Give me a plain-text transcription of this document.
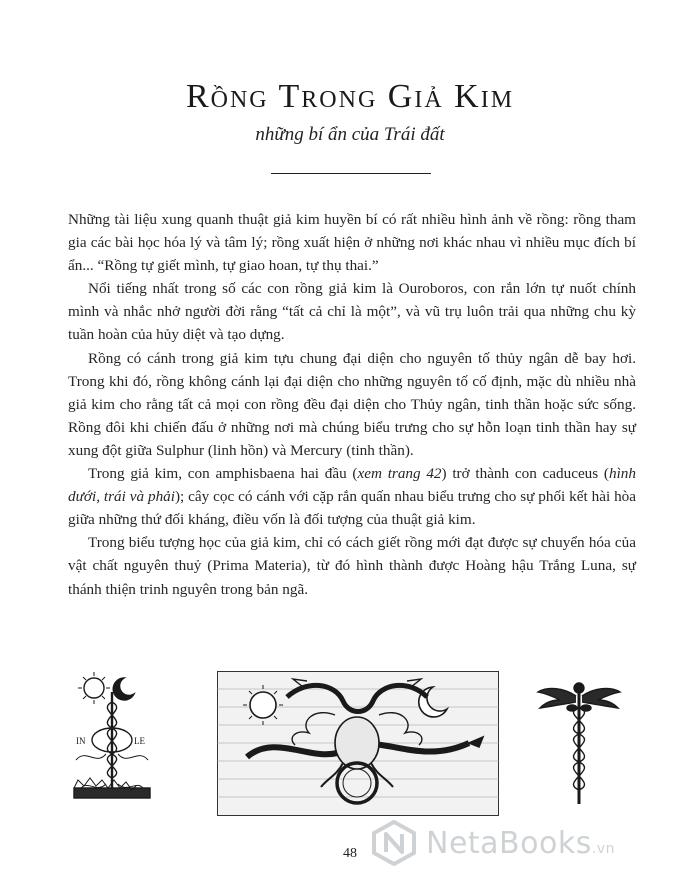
Rồng Trong Giả Kim
những bí ẩn của Trái đất

Những tài liệu xung quanh thuật giả kim huyền bí có rất nhiều hình ảnh về rồng: rồng tham gia các bài học hóa lý và tâm lý; rồng xuất hiện ở những nơi khác nhau vì nhiều mục đích bí ẩn... “Rồng tự giết mình, tự giao hoan, tự thụ thai.”

Nổi tiếng nhất trong số các con rồng giả kim là Ouroboros, con rắn lớn tự nuốt chính mình và nhắc nhở người đời rằng “tất cả chỉ là một”, và vũ trụ luôn trải qua những chu kỳ tuần hoàn của hủy diệt và tạo dựng.

Rồng có cánh trong giả kim tựu chung đại diện cho nguyên tố thủy ngân dễ bay hơi. Trong khi đó, rồng không cánh lại đại diện cho những nguyên tố cố định, mặc dù nhiều nhà giả kim cho rằng tất cả mọi con rồng đều đại diện cho Thủy ngân, tinh thần hoặc sức sống. Rồng đôi khi chiến đấu ở những nơi mà chúng biểu trưng cho sự hỗn loạn tinh thần hay sự xung đột giữa Sulphur (linh hồn) và Mercury (tinh thần).

Trong giả kim, con amphisbaena hai đầu (xem trang 42) trở thành con caduceus (hình dưới, trái và phải); cây cọc có cánh với cặp rắn quấn nhau biểu trưng cho sự phối kết hài hòa giữa những thứ đối kháng, điều vốn là đối tượng của thuật giả kim.

Trong biểu tượng học của giả kim, chỉ có cách giết rồng mới đạt được sự chuyển hóa của vật chất nguyên thuỷ (Prima Materia), từ đó hình thành được Hoàng hậu Trắng Luna, sự thánh thiện trinh nguyên trong bản ngã.

IN	LE
48	NetaBooks.vn
